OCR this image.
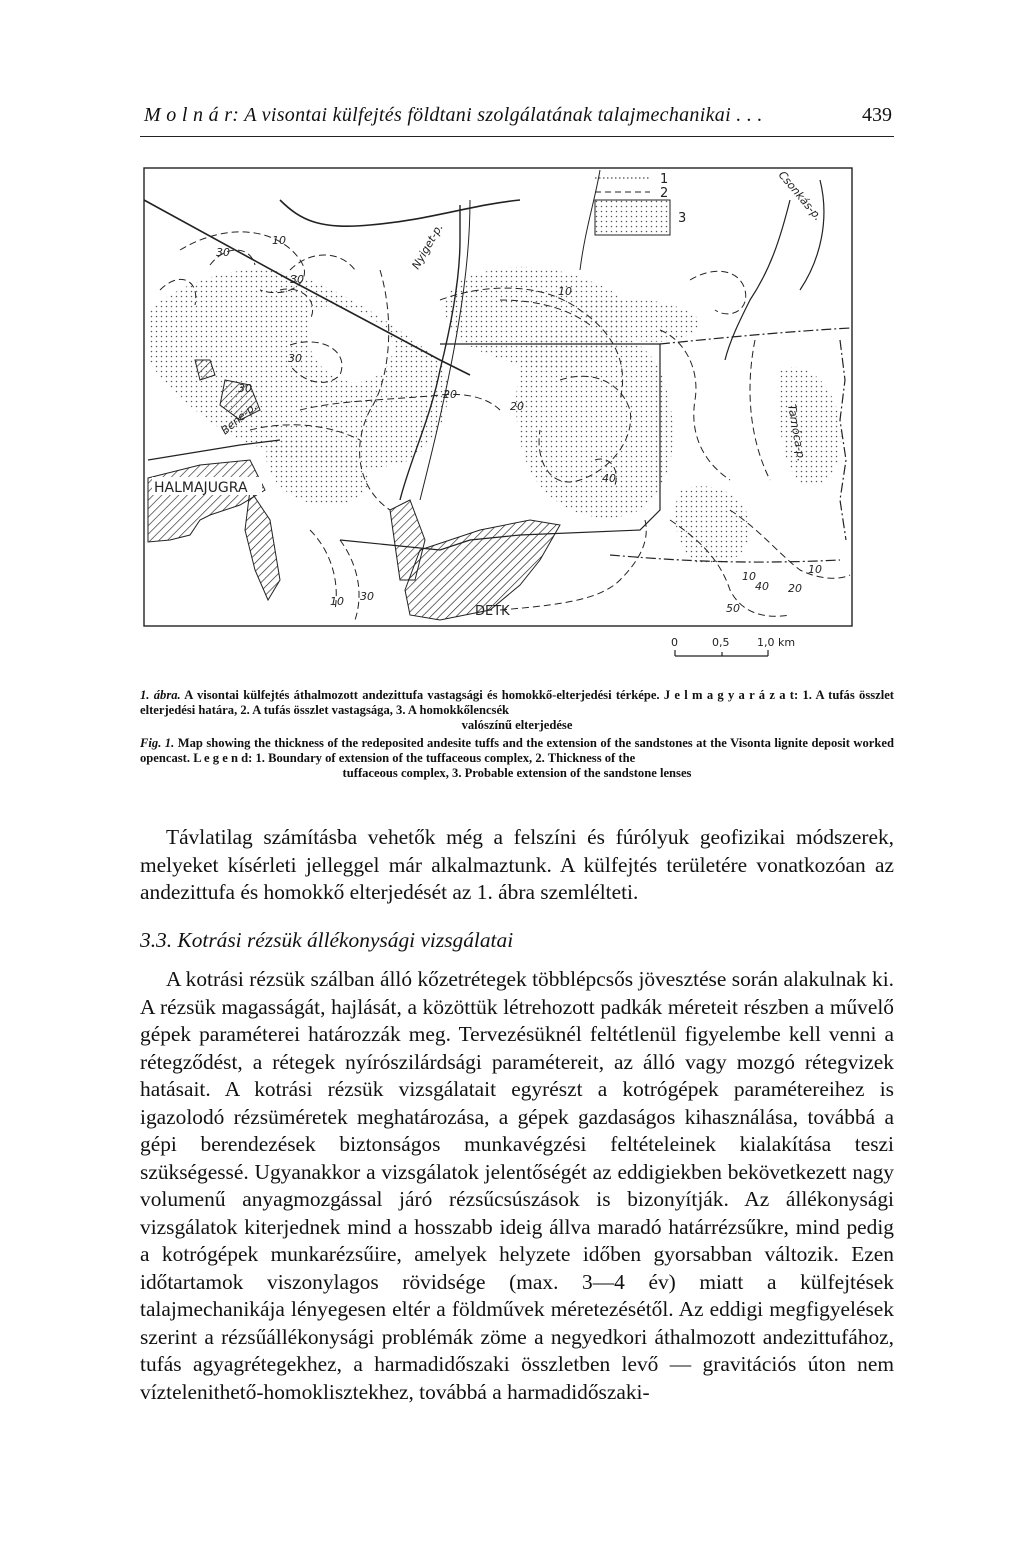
M o l n á r: A visontai külfejtés földtani szolgálatának talajmechanikai . . .	439
1
2
3
HALMAJUGRA
DETK
Nyiget-p.
Csonkás-p.
Bene-p.	Tarnóca-p.
30
10
30
10
30
20
30
20
40
10
50
40 20
10
10 30
0	0,5	1,0 km

1. ábra. A visontai külfejtés áthalmozott andezittufa vastagsági és homokkő-elterjedési térképe. J e l m a g y a r á z a t: 1. A tufás összlet elterjedési határa, 2. A tufás összlet vastagsága, 3. A homokkőlencsék
valószínű elterjedése

Fig. 1. Map showing the thickness of the redeposited andesite tuffs and the extension of the sandstones at the Visonta lignite deposit worked opencast. L e g e n d: 1. Boundary of extension of the tuffaceous complex, 2. Thickness of the
tuffaceous complex, 3. Probable extension of the sandstone lenses

Távlatilag számításba vehetők még a felszíni és fúrólyuk geofizikai módszerek, melyeket kísérleti jelleggel már alkalmaztunk. A külfejtés területére vonatkozóan az andezittufa és homokkő elterjedését az 1. ábra szemlélteti.

3.3. Kotrási rézsük állékonysági vizsgálatai

A kotrási rézsük szálban álló kőzetrétegek többlépcsős jövesztése során alakulnak ki. A rézsük magasságát, hajlását, a közöttük létrehozott padkák méreteit részben a művelő gépek paraméterei határozzák meg. Tervezésüknél feltétlenül figyelembe kell venni a rétegződést, a rétegek nyírószilárdsági paramétereit, az álló vagy mozgó rétegvizek hatásait. A kotrási rézsük vizsgálatait egyrészt a kotrógépek paramétereihez is igazolodó rézsüméretek meghatározása, a gépek gazdaságos kihasználása, továbbá a gépi berendezések biztonságos munkavégzési feltételeinek kialakítása teszi szükségessé. Ugyanakkor a vizsgálatok jelentőségét az eddigiekben bekövetkezett nagy volumenű anyagmozgással járó rézsűcsúszások is bizonyítják. Az állékonysági vizsgálatok kiterjednek mind a hosszabb ideig állva maradó határrézsűkre, mind pedig a kotrógépek munkarézsűire, amelyek helyzete időben gyorsabban változik. Ezen időtartamok viszonylagos rövidsége (max. 3—4 év) miatt a külfejtések talajmechanikája lényegesen eltér a földművek méretezésétől. Az eddigi megfigyelések szerint a rézsűállékonysági problémák zöme a negyedkori áthalmozott andezittufához, tufás agyagrétegekhez, a harmadidőszaki összletben levő — gravitációs úton nem víztelenithető-homoklisztekhez, továbbá a harmadidőszaki-
